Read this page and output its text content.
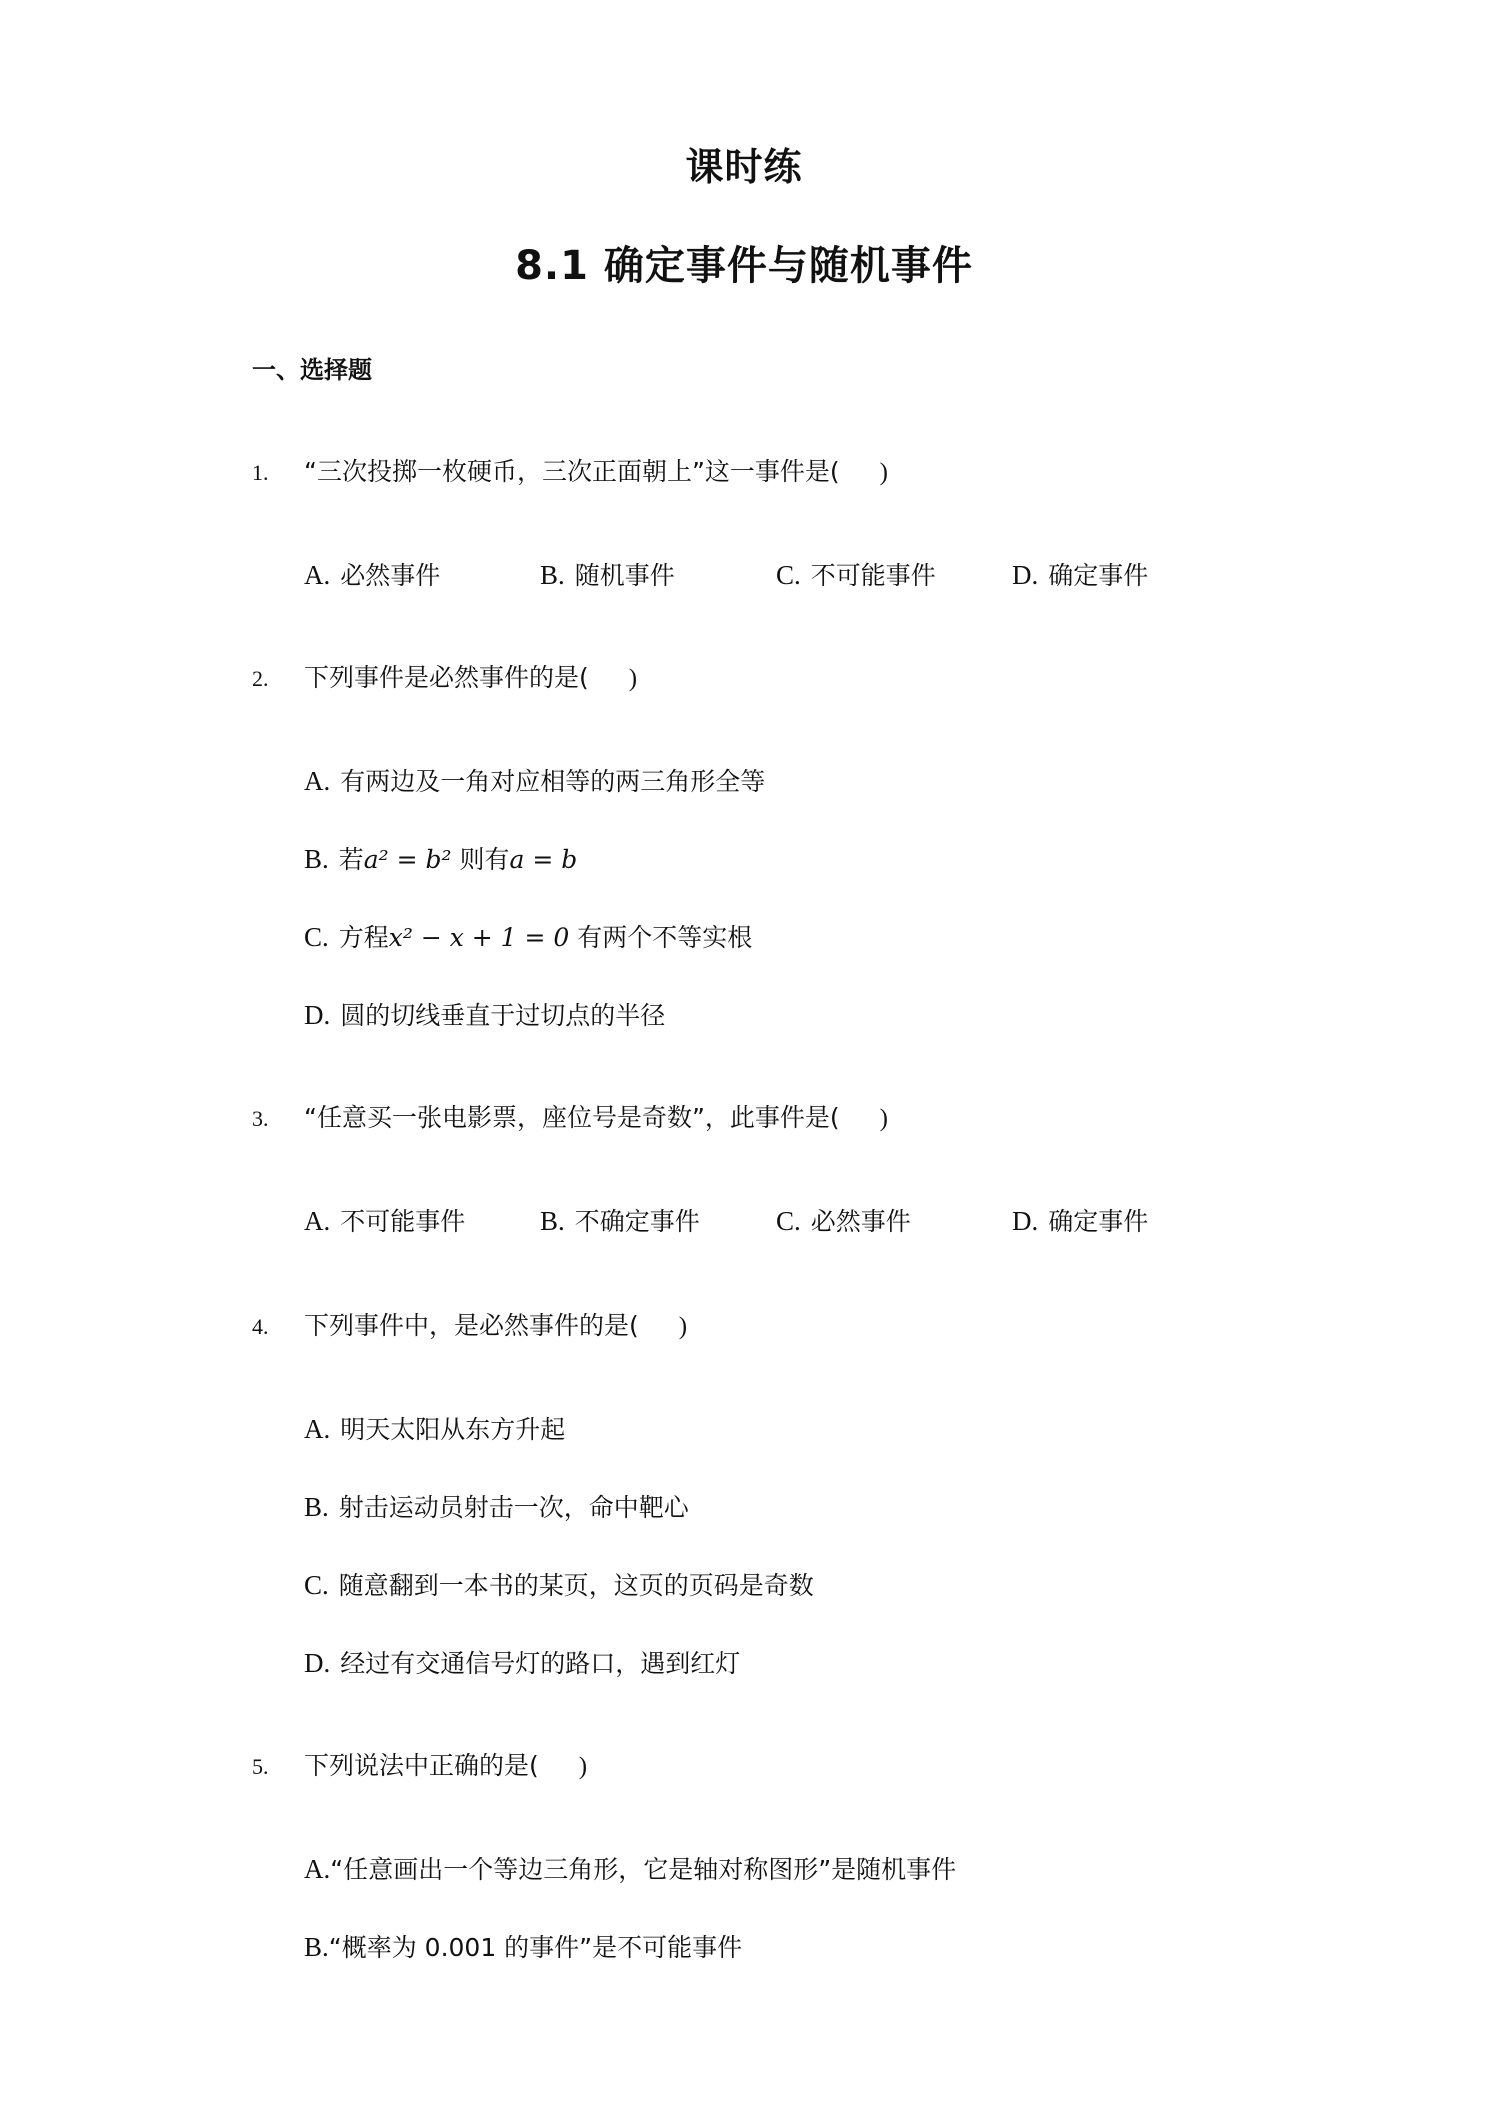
课时练
8.1 确定事件与随机事件
一、选择题
1. “三次投掷一枚硬币，三次正面朝上”这一事件是( )
A. 必然事件	B. 随机事件	C. 不可能事件	D. 确定事件
2. 下列事件是必然事件的是( )
A. 有两边及一角对应相等的两三角形全等
B. 若a² = b² 则有a = b
C. 方程x² − x + 1 = 0 有两个不等实根
D. 圆的切线垂直于过切点的半径
3. “任意买一张电影票，座位号是奇数”，此事件是( )
A. 不可能事件	B. 不确定事件	C. 必然事件	D. 确定事件
4. 下列事件中，是必然事件的是( )
A. 明天太阳从东方升起
B. 射击运动员射击一次，命中靶心
C. 随意翻到一本书的某页，这页的页码是奇数
D. 经过有交通信号灯的路口，遇到红灯
5. 下列说法中正确的是( )
A.“任意画出一个等边三角形，它是轴对称图形”是随机事件
B.“概率为 0.001 的事件”是不可能事件
